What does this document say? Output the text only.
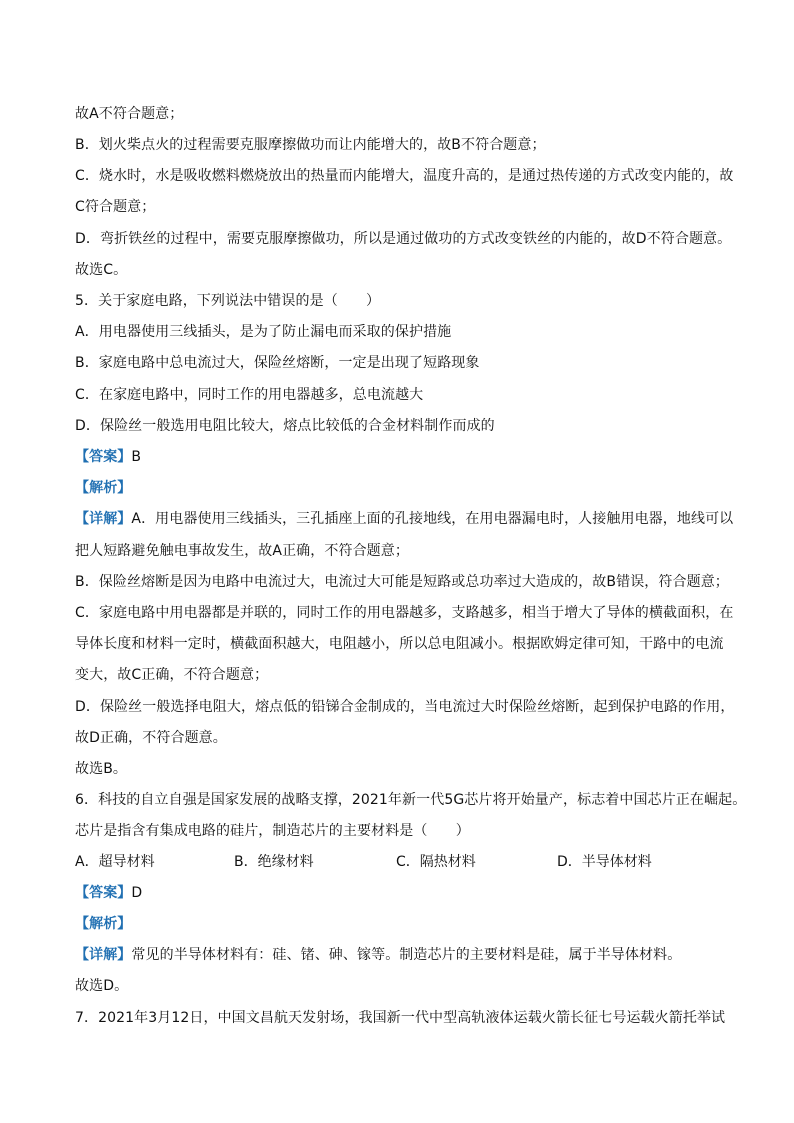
故A不符合题意；
B．划火柴点火的过程需要克服摩擦做功而让内能增大的，故B不符合题意；
C．烧水时，水是吸收燃料燃烧放出的热量而内能增大，温度升高的，是通过热传递的方式改变内能的，故
C符合题意；
D．弯折铁丝的过程中，需要克服摩擦做功，所以是通过做功的方式改变铁丝的内能的，故D不符合题意。
故选C。
5．关于家庭电路，下列说法中错误的是（　　）
A．用电器使用三线插头，是为了防止漏电而采取的保护措施
B．家庭电路中总电流过大，保险丝熔断，一定是出现了短路现象
C．在家庭电路中，同时工作的用电器越多，总电流越大
D．保险丝一般选用电阻比较大，熔点比较低的合金材料制作而成的
【答案】B
【解析】
【详解】A．用电器使用三线插头，三孔插座上面的孔接地线，在用电器漏电时，人接触用电器，地线可以
把人短路避免触电事故发生，故A正确，不符合题意；
B．保险丝熔断是因为电路中电流过大，电流过大可能是短路或总功率过大造成的，故B错误，符合题意；
C．家庭电路中用电器都是并联的，同时工作的用电器越多，支路越多，相当于增大了导体的横截面积，在
导体长度和材料一定时，横截面积越大，电阻越小，所以总电阻减小。根据欧姆定律可知，干路中的电流
变大，故C正确，不符合题意；
D．保险丝一般选择电阻大，熔点低的铅锑合金制成的，当电流过大时保险丝熔断，起到保护电路的作用，
故D正确，不符合题意。
故选B。
6．科技的自立自强是国家发展的战略支撑，2021年新一代5G芯片将开始量产，标志着中国芯片正在崛起。
芯片是指含有集成电路的硅片，制造芯片的主要材料是（　　）
A．超导材料	B．绝缘材料	C．隔热材料	D．半导体材料
【答案】D
【解析】
【详解】常见的半导体材料有：硅、锗、砷、镓等。制造芯片的主要材料是硅，属于半导体材料。
故选D。
7．2021年3月12日，中国文昌航天发射场，我国新一代中型高轨液体运载火箭长征七号运载火箭托举试
